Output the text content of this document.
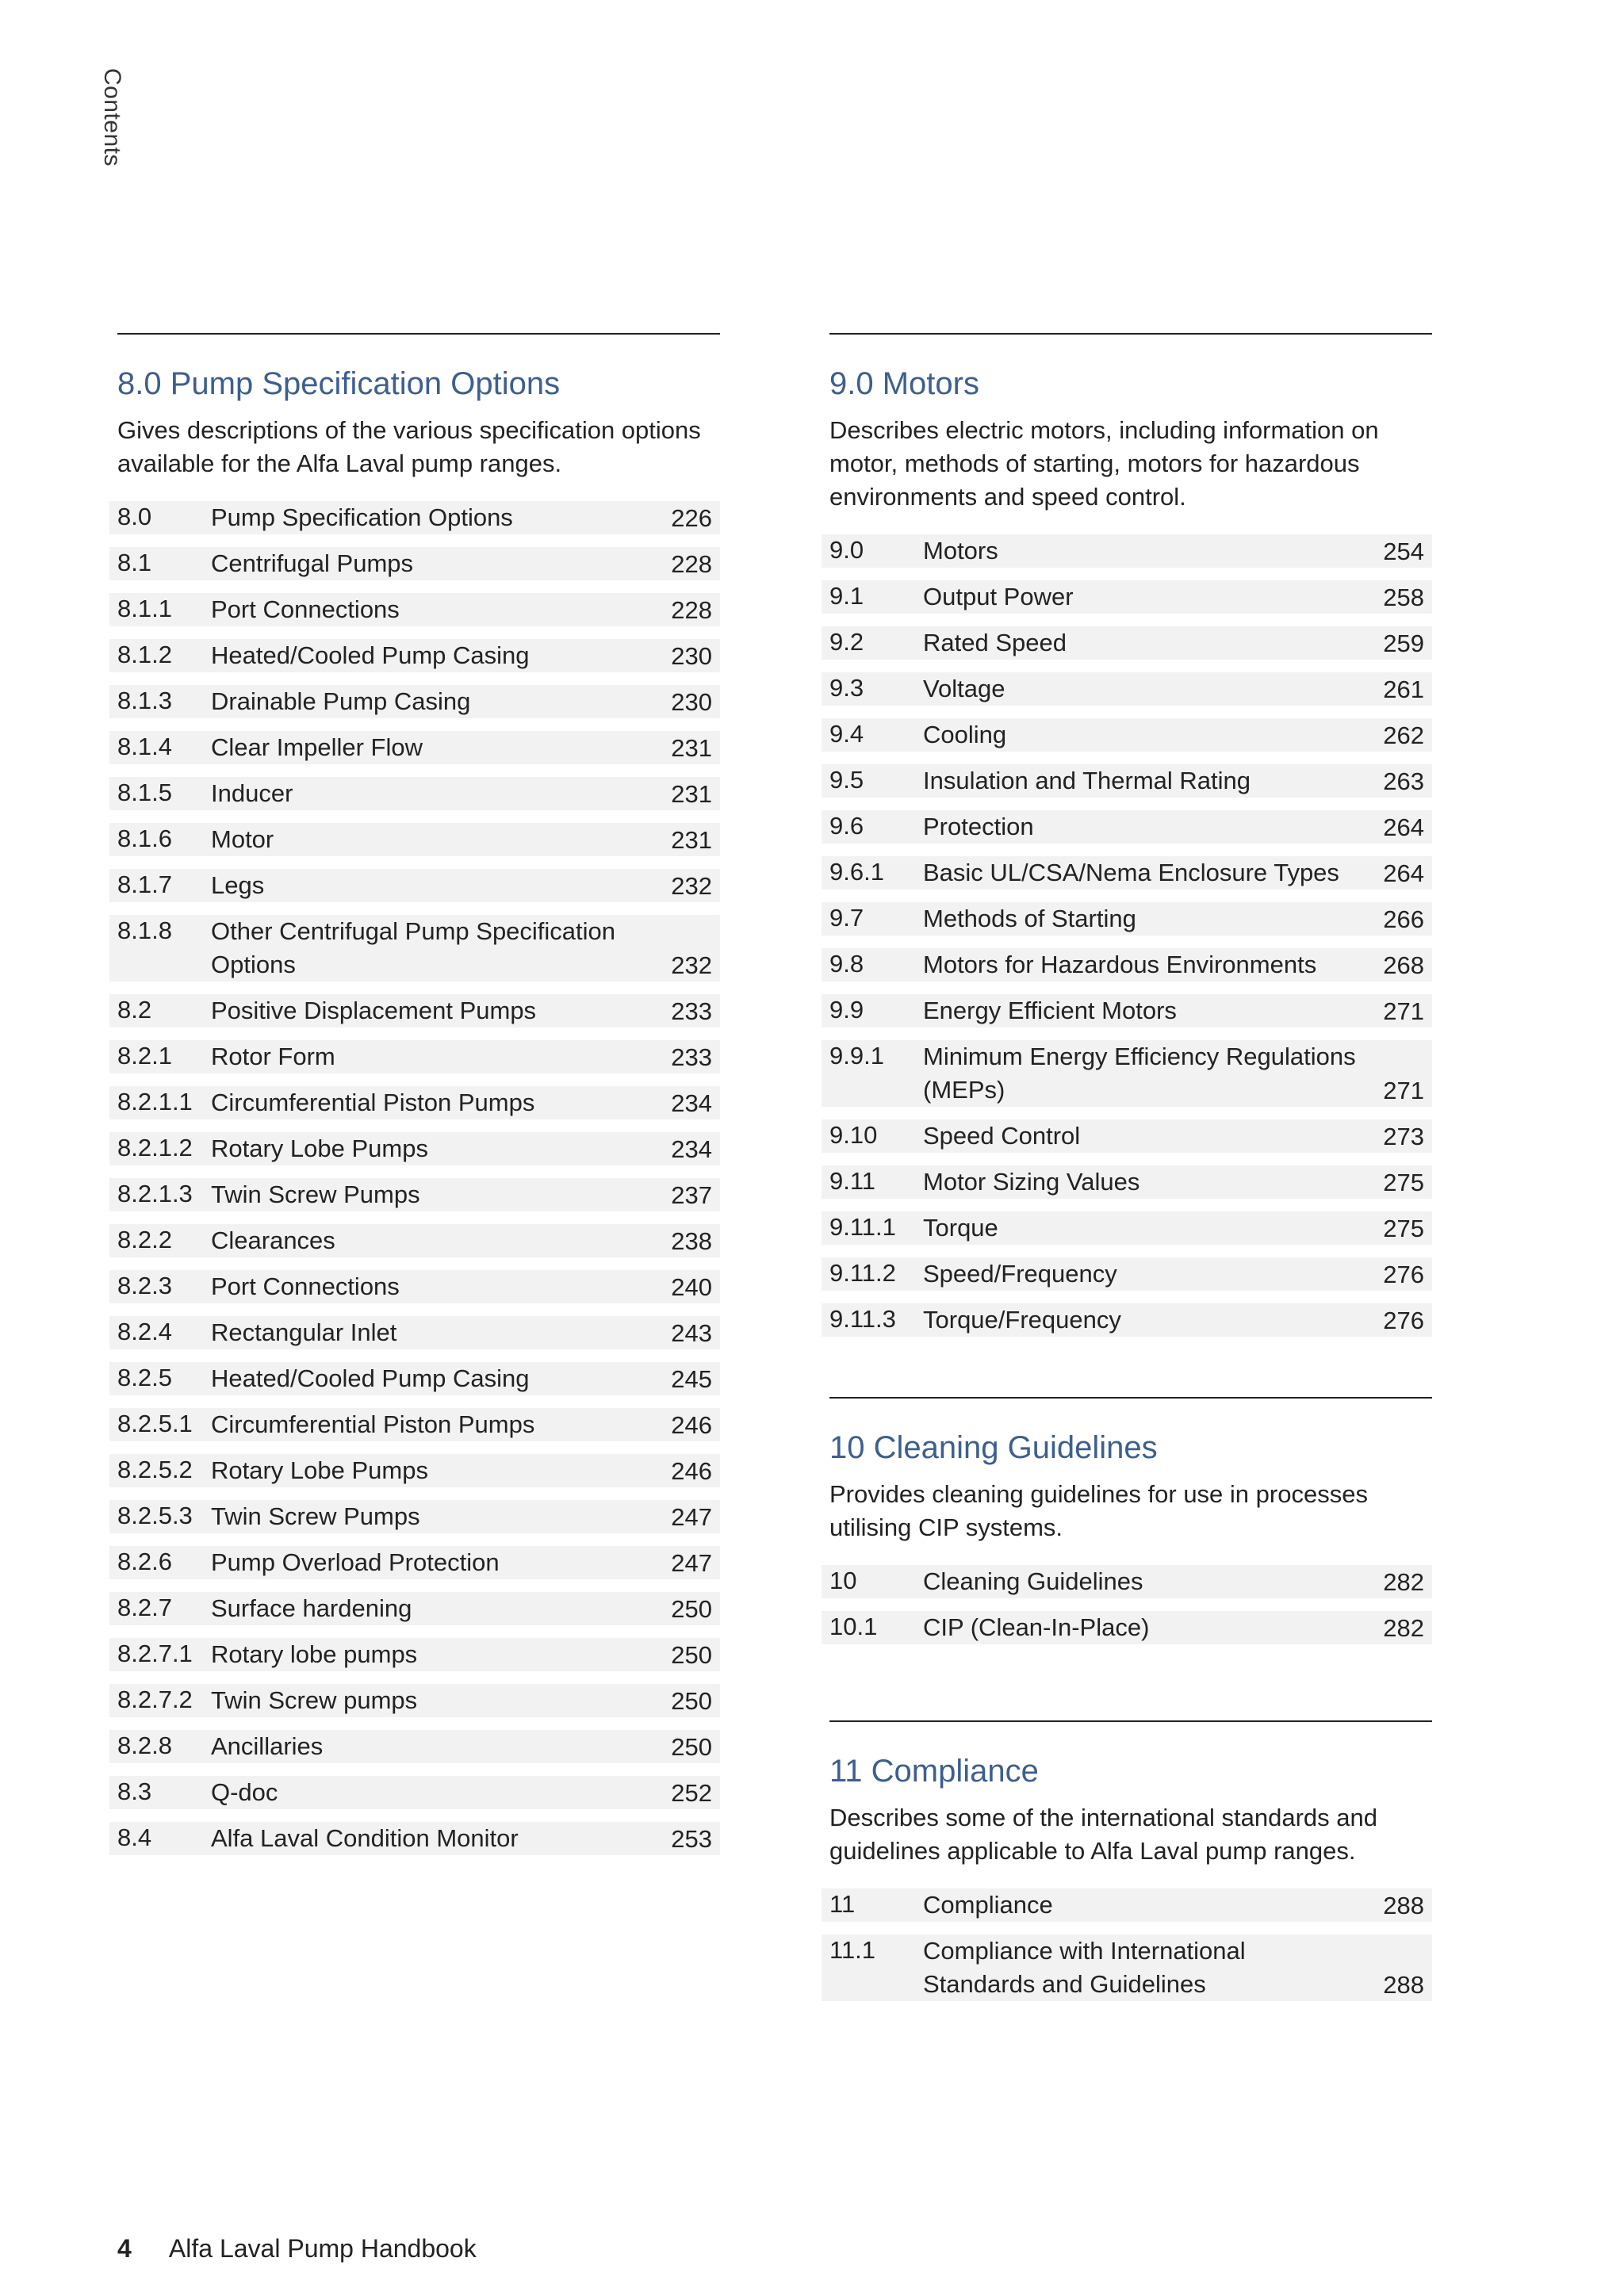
Contents
8.0 Pump Specification Options
Gives descriptions of the various specification options available for the Alfa Laval pump ranges.
8.0	Pump Specification Options	226
8.1	Centrifugal Pumps	228
8.1.1	Port Connections	228
8.1.2	Heated/Cooled Pump Casing	230
8.1.3	Drainable Pump Casing	230
8.1.4	Clear Impeller Flow	231
8.1.5	Inducer	231
8.1.6	Motor	231
8.1.7	Legs	232
8.1.8	Other Centrifugal Pump Specification Options	232
8.2	Positive Displacement Pumps	233
8.2.1	Rotor Form	233
8.2.1.1 Circumferential Piston Pumps	234
8.2.1.2 Rotary Lobe Pumps	234
8.2.1.3 Twin Screw Pumps	237
8.2.2	Clearances	238
8.2.3	Port Connections	240
8.2.4	Rectangular Inlet	243
8.2.5	Heated/Cooled Pump Casing	245
8.2.5.1 Circumferential Piston Pumps	246
8.2.5.2 Rotary Lobe Pumps	246
8.2.5.3 Twin Screw Pumps	247
8.2.6	Pump Overload Protection	247
8.2.7	Surface hardening	250
8.2.7.1 Rotary lobe pumps	250
8.2.7.2 Twin Screw pumps	250
8.2.8	Ancillaries	250
8.3	Q-doc	252
8.4	Alfa Laval Condition Monitor	253
9.0 Motors
Describes electric motors, including information on motor, methods of starting, motors for hazardous environments and speed control.
9.0	Motors	254
9.1	Output Power	258
9.2	Rated Speed	259
9.3	Voltage	261
9.4	Cooling	262
9.5	Insulation and Thermal Rating	263
9.6	Protection	264
9.6.1	Basic UL/CSA/Nema Enclosure Types	264
9.7	Methods of Starting	266
9.8	Motors for Hazardous Environments	268
9.9	Energy Efficient Motors	271
9.9.1	Minimum Energy Efficiency Regulations (MEPs)	271
9.10	Speed Control	273
9.11	Motor Sizing Values	275
9.11.1	Torque	275
9.11.2	Speed/Frequency	276
9.11.3	Torque/Frequency	276
10 Cleaning Guidelines
Provides cleaning guidelines for use in processes utilising CIP systems.
10	Cleaning Guidelines	282
10.1	CIP (Clean-In-Place)	282
11 Compliance
Describes some of the international standards and guidelines applicable to Alfa Laval pump ranges.
11	Compliance	288
11.1	Compliance with International Standards and Guidelines	288
4 Alfa Laval Pump Handbook
